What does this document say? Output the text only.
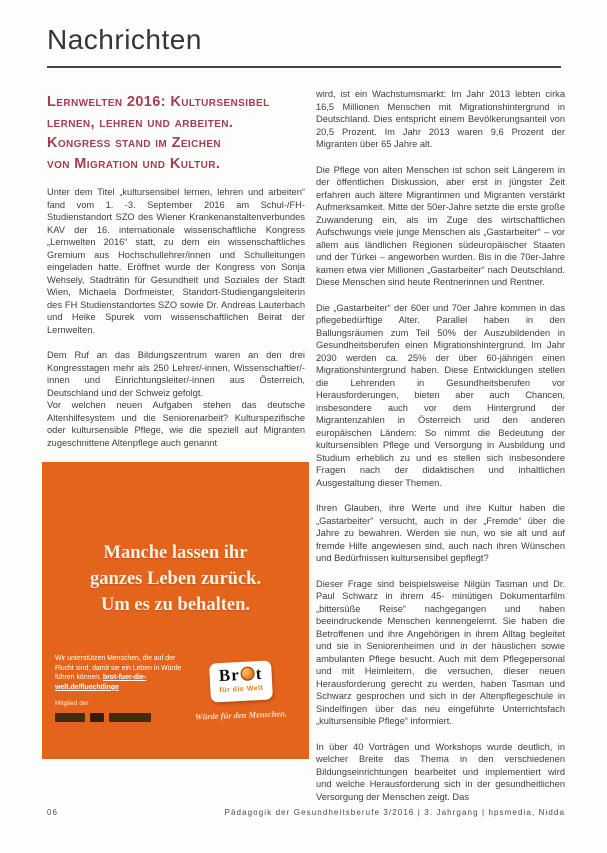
Nachrichten
Lernwelten 2016: Kultursensibel
lernen, lehren und arbeiten.
Kongress stand im Zeichen
von Migration und Kultur.

Unter dem Titel „kultursensibel lernen, lehren und arbeiten“ fand vom 1. -3. September 2016 am Schul-/FH-Studienstandort SZO des Wiener Krankenanstaltenverbundes KAV der 16. internationale wissenschaftliche Kongress „Lernwelten 2016“ statt, zu dem ein wissenschaftliches Gremium aus Hochschullehrer/innen und Schulleitungen eingeladen hatte. Eröffnet wurde der Kongress von Sonja Wehsely, Stadträtin für Gesundheit und Soziales der Stadt Wien, Michaela Dorfmeister, Standort-Studiengangsleiterin des FH Studienstandortes SZO sowie Dr. Andreas Lauterbach und Heike Spurek vom wissenschaftlichen Beirat der Lernwelten.

Dem Ruf an das Bildungszentrum waren an den drei Kongresstagen mehr als 250 Lehrer/-innen, Wissenschaftler/-innen und Einrichtungsleiter/-innen aus Österreich, Deutschland und der Schweiz gefolgt.

Vor welchen neuen Aufgaben stehen das deutsche Altenhilfesystem und die Seniorenarbeit? Kulturspezifische oder kultursensible Pflege, wie die speziell auf Migranten zugeschnittene Altenpflege auch genannt

Manche lassen ihr
ganzes Leben zurück.
Um es zu behalten.
Wir unterstützen Menschen, die auf der Flucht sind, damit sie ein Leben in Würde führen können. brot-fuer-die-welt.de/fluechtlinge
Mitglied der
Br t
für die Welt
Würde für den Menschen.

wird, ist ein Wachstumsmarkt: Im Jahr 2013 lebten cirka 16,5 Millionen Menschen mit Migrationshintergrund in Deutschland. Dies entspricht einem Bevölkerungsanteil von 20,5 Prozent. Im Jahr 2013 waren 9,6 Prozent der Migranten über 65 Jahre alt.

Die Pflege von alten Menschen ist schon seit Längerem in der öffentlichen Diskussion, aber erst in jüngster Zeit erfahren auch ältere Migrantinnen und Migranten verstärkt Aufmerksamkeit. Mitte der 50er-Jahre setzte die erste große Zuwanderung ein, als im Zuge des wirtschaftlichen Aufschwungs viele junge Menschen als „Gastarbeiter“ – vor allem aus ländlichen Regionen südeuropäischer Staaten und der Türkei – angeworben wurden. Bis in die 70er-Jahre kamen etwa vier Millionen „Gastarbeiter“ nach Deutschland. Diese Menschen sind heute Rentnerinnen und Rentner.

Die „Gastarbeiter“ der 60er und 70er Jahre kommen in das pflegebedürftige Alter. Parallel haben in den Ballungsräumen zum Teil 50% der Auszubildenden in Gesundheitsberufen einen Migrationshintergrund. Im Jahr 2030 werden ca. 25% der über 60-jährigen einen Migrationshintergrund haben. Diese Entwicklungen stellen die Lehrenden in Gesundheitsberufen vor Herausforderungen, bieten aber auch Chancen, insbesondere auch vor dem Hintergrund der Migrantenzahlen in Österreich und den anderen europäischen Ländern: So nimmt die Bedeutung der kultursensiblen Pflege und Versorgung in Ausbildung und Studium erheblich zu und es stellen sich insbesondere Fragen nach der didaktischen und inhaltlichen Ausgestaltung dieser Themen.

Ihren Glauben, ihre Werte und ihre Kultur haben die „Gastarbeiter“ versucht, auch in der „Fremde“ über die Jahre zu bewahren. Werden sie nun, wo sie alt und auf fremde Hilfe angewiesen sind, auch nach ihren Wünschen und Bedürfnissen kultursensibel gepflegt?

Dieser Frage sind beispielsweise Nilgün Tasman und Dr. Paul Schwarz in ihrem 45- minütigen Dokumentarfilm „bittersüße Reise“ nachgegangen und haben beeindruckende Menschen kennengelernt. Sie haben die Betroffenen und ihre Angehörigen in ihrem Alltag begleitet und sie in Seniorenheimen und in der häuslichen sowie ambulanten Pflege besucht. Auch mit dem Pflegepersonal und mit Heimleitern, die versuchen, dieser neuen Herausforderung gerecht zu werden, haben Tasman und Schwarz gesprochen und sich in der Altenpflegeschule in Sindelfingen über das neu eingeführte Unterrichtsfach „kultursensible Pflege“ informiert.

In über 40 Vorträgen und Workshops wurde deutlich, in welcher Breite das Thema in den verschiedenen Bildungseinrichtungen bearbeitet und implementiert wird und welche Herausforderung sich in der gesundheitlichen Versorgung der Menschen zeigt. Das

06	Pädagogik der Gesundheitsberufe 3/2016 | 3. Jahrgang | hpsmedia, Nidda
